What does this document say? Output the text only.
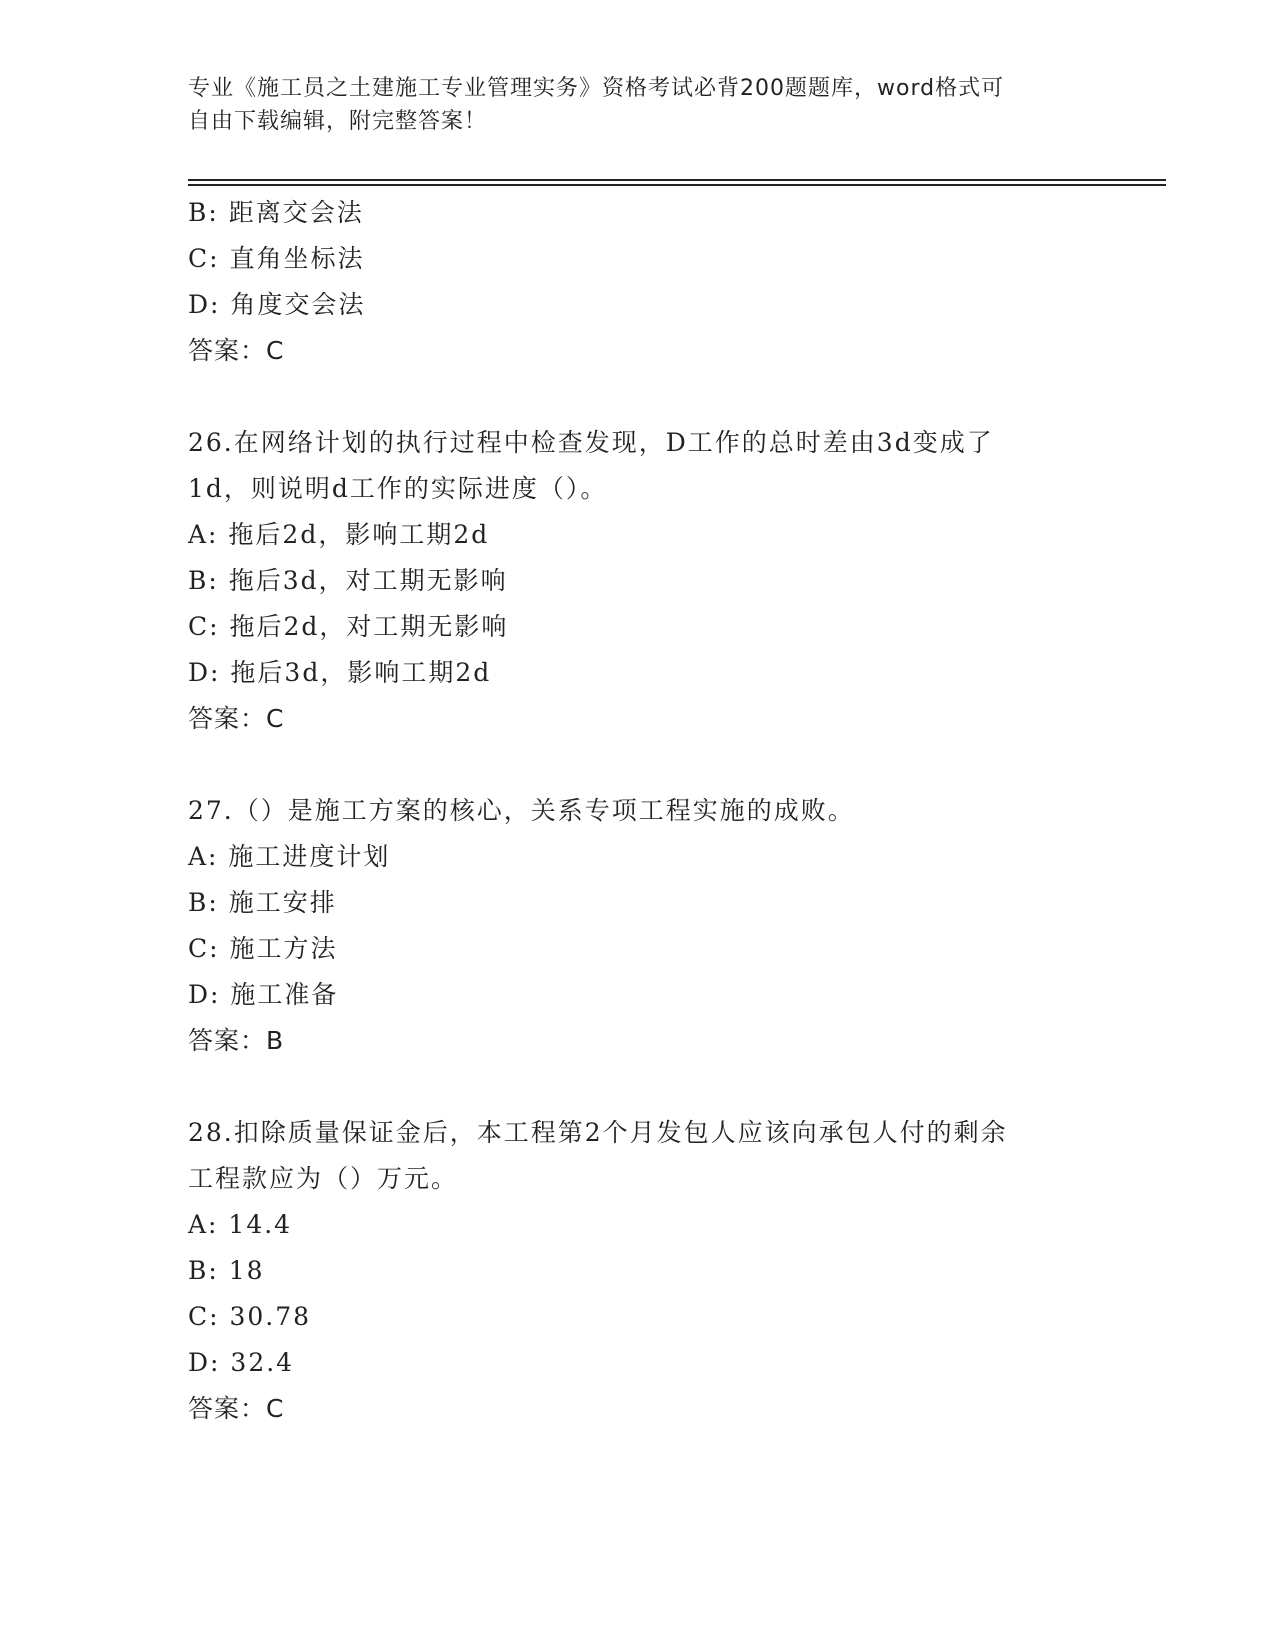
专业《施工员之土建施工专业管理实务》资格考试必背200题题库，word格式可
自由下载编辑，附完整答案！
B: 距离交会法
C: 直角坐标法
D: 角度交会法
答案：C
26.在网络计划的执行过程中检查发现，D工作的总时差由3d变成了
1d，则说明d工作的实际进度（）。
A: 拖后2d，影响工期2d
B: 拖后3d，对工期无影响
C: 拖后2d，对工期无影响
D: 拖后3d，影响工期2d
答案：C
27.（）是施工方案的核心，关系专项工程实施的成败。
A: 施工进度计划
B: 施工安排
C: 施工方法
D: 施工准备
答案：B
28.扣除质量保证金后，本工程第2个月发包人应该向承包人付的剩余
工程款应为（）万元。
A: 14.4
B: 18
C: 30.78
D: 32.4
答案：C
